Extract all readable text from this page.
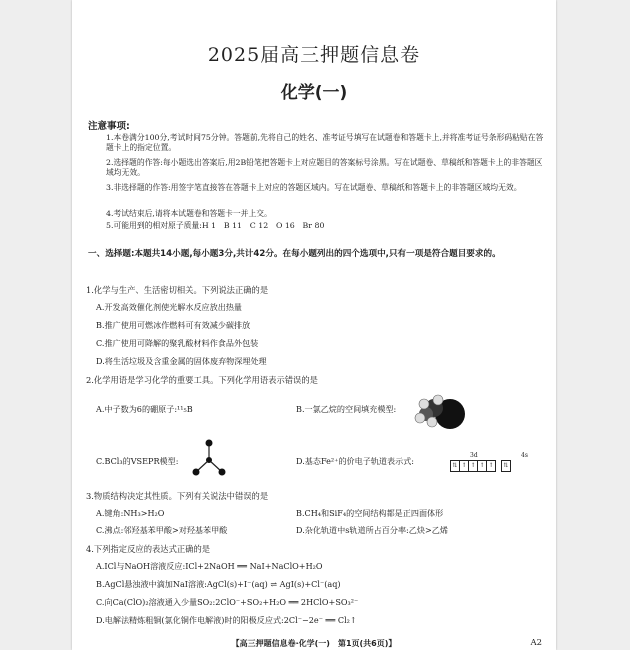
2025届高三押题信息卷
化学(一)
注意事项:
1.本卷满分100分,考试时间75分钟。答题前,先将自己的姓名、准考证号填写在试题卷和答题卡上,并将准考证号条形码粘贴在答题卡上的指定位置。
2.选择题的作答:每小题选出答案后,用2B铅笔把答题卡上对应题目的答案标号涂黑。写在试题卷、草稿纸和答题卡上的非答题区域均无效。
3.非选择题的作答:用签字笔直接答在答题卡上对应的答题区域内。写在试题卷、草稿纸和答题卡上的非答题区域均无效。
4.考试结束后,请将本试题卷和答题卡一并上交。
5.可能用到的相对原子质量:H 1　B 11　C 12　O 16　Br 80
一、选择题:本题共14小题,每小题3分,共计42分。在每小题列出的四个选项中,只有一项是符合题目要求的。
1.化学与生产、生活密切相关。下列说法正确的是
A.开发高效催化剂使光解水反应放出热量
B.推广使用可燃冰作燃料可有效减少碳排放
C.推广使用可降解的聚乳酸材料作食品外包装
D.将生活垃圾及含重金属的固体废弃物深埋处理
2.化学用语是学习化学的重要工具。下列化学用语表示错误的是
A.中子数为6的硼原子:¹¹₅B	B.一氯乙烷的空间填充模型:
C.BCl₃的VSEPR模型:	D.基态Fe²⁺的价电子轨道表示式:
3d	4s
⇅ ↑ ↑ ↑ ↑	⇅
3.物质结构决定其性质。下列有关说法中错误的是
A.键角:NH₃>H₂O	B.CH₄和SiF₄的空间结构都是正四面体形
C.沸点:邻羟基苯甲酸>对羟基苯甲酸	D.杂化轨道中s轨道所占百分率:乙炔>乙烯
4.下列指定反应的表达式正确的是
A.ICl与NaOH溶液反应:ICl+2NaOH ══ NaI+NaClO+H₂O
B.AgCl悬浊液中滴加NaI溶液:AgCl(s)+I⁻(aq) ⇌ AgI(s)+Cl⁻(aq)
C.向Ca(ClO)₂溶液通入少量SO₂:2ClO⁻+SO₂+H₂O ══ 2HClO+SO₃²⁻
D.电解法精炼粗铜(氯化铜作电解液)时的阳极反应式:2Cl⁻−2e⁻ ══ Cl₂↑
【高三押题信息卷·化学(一)　第1页(共6页)】	A2
